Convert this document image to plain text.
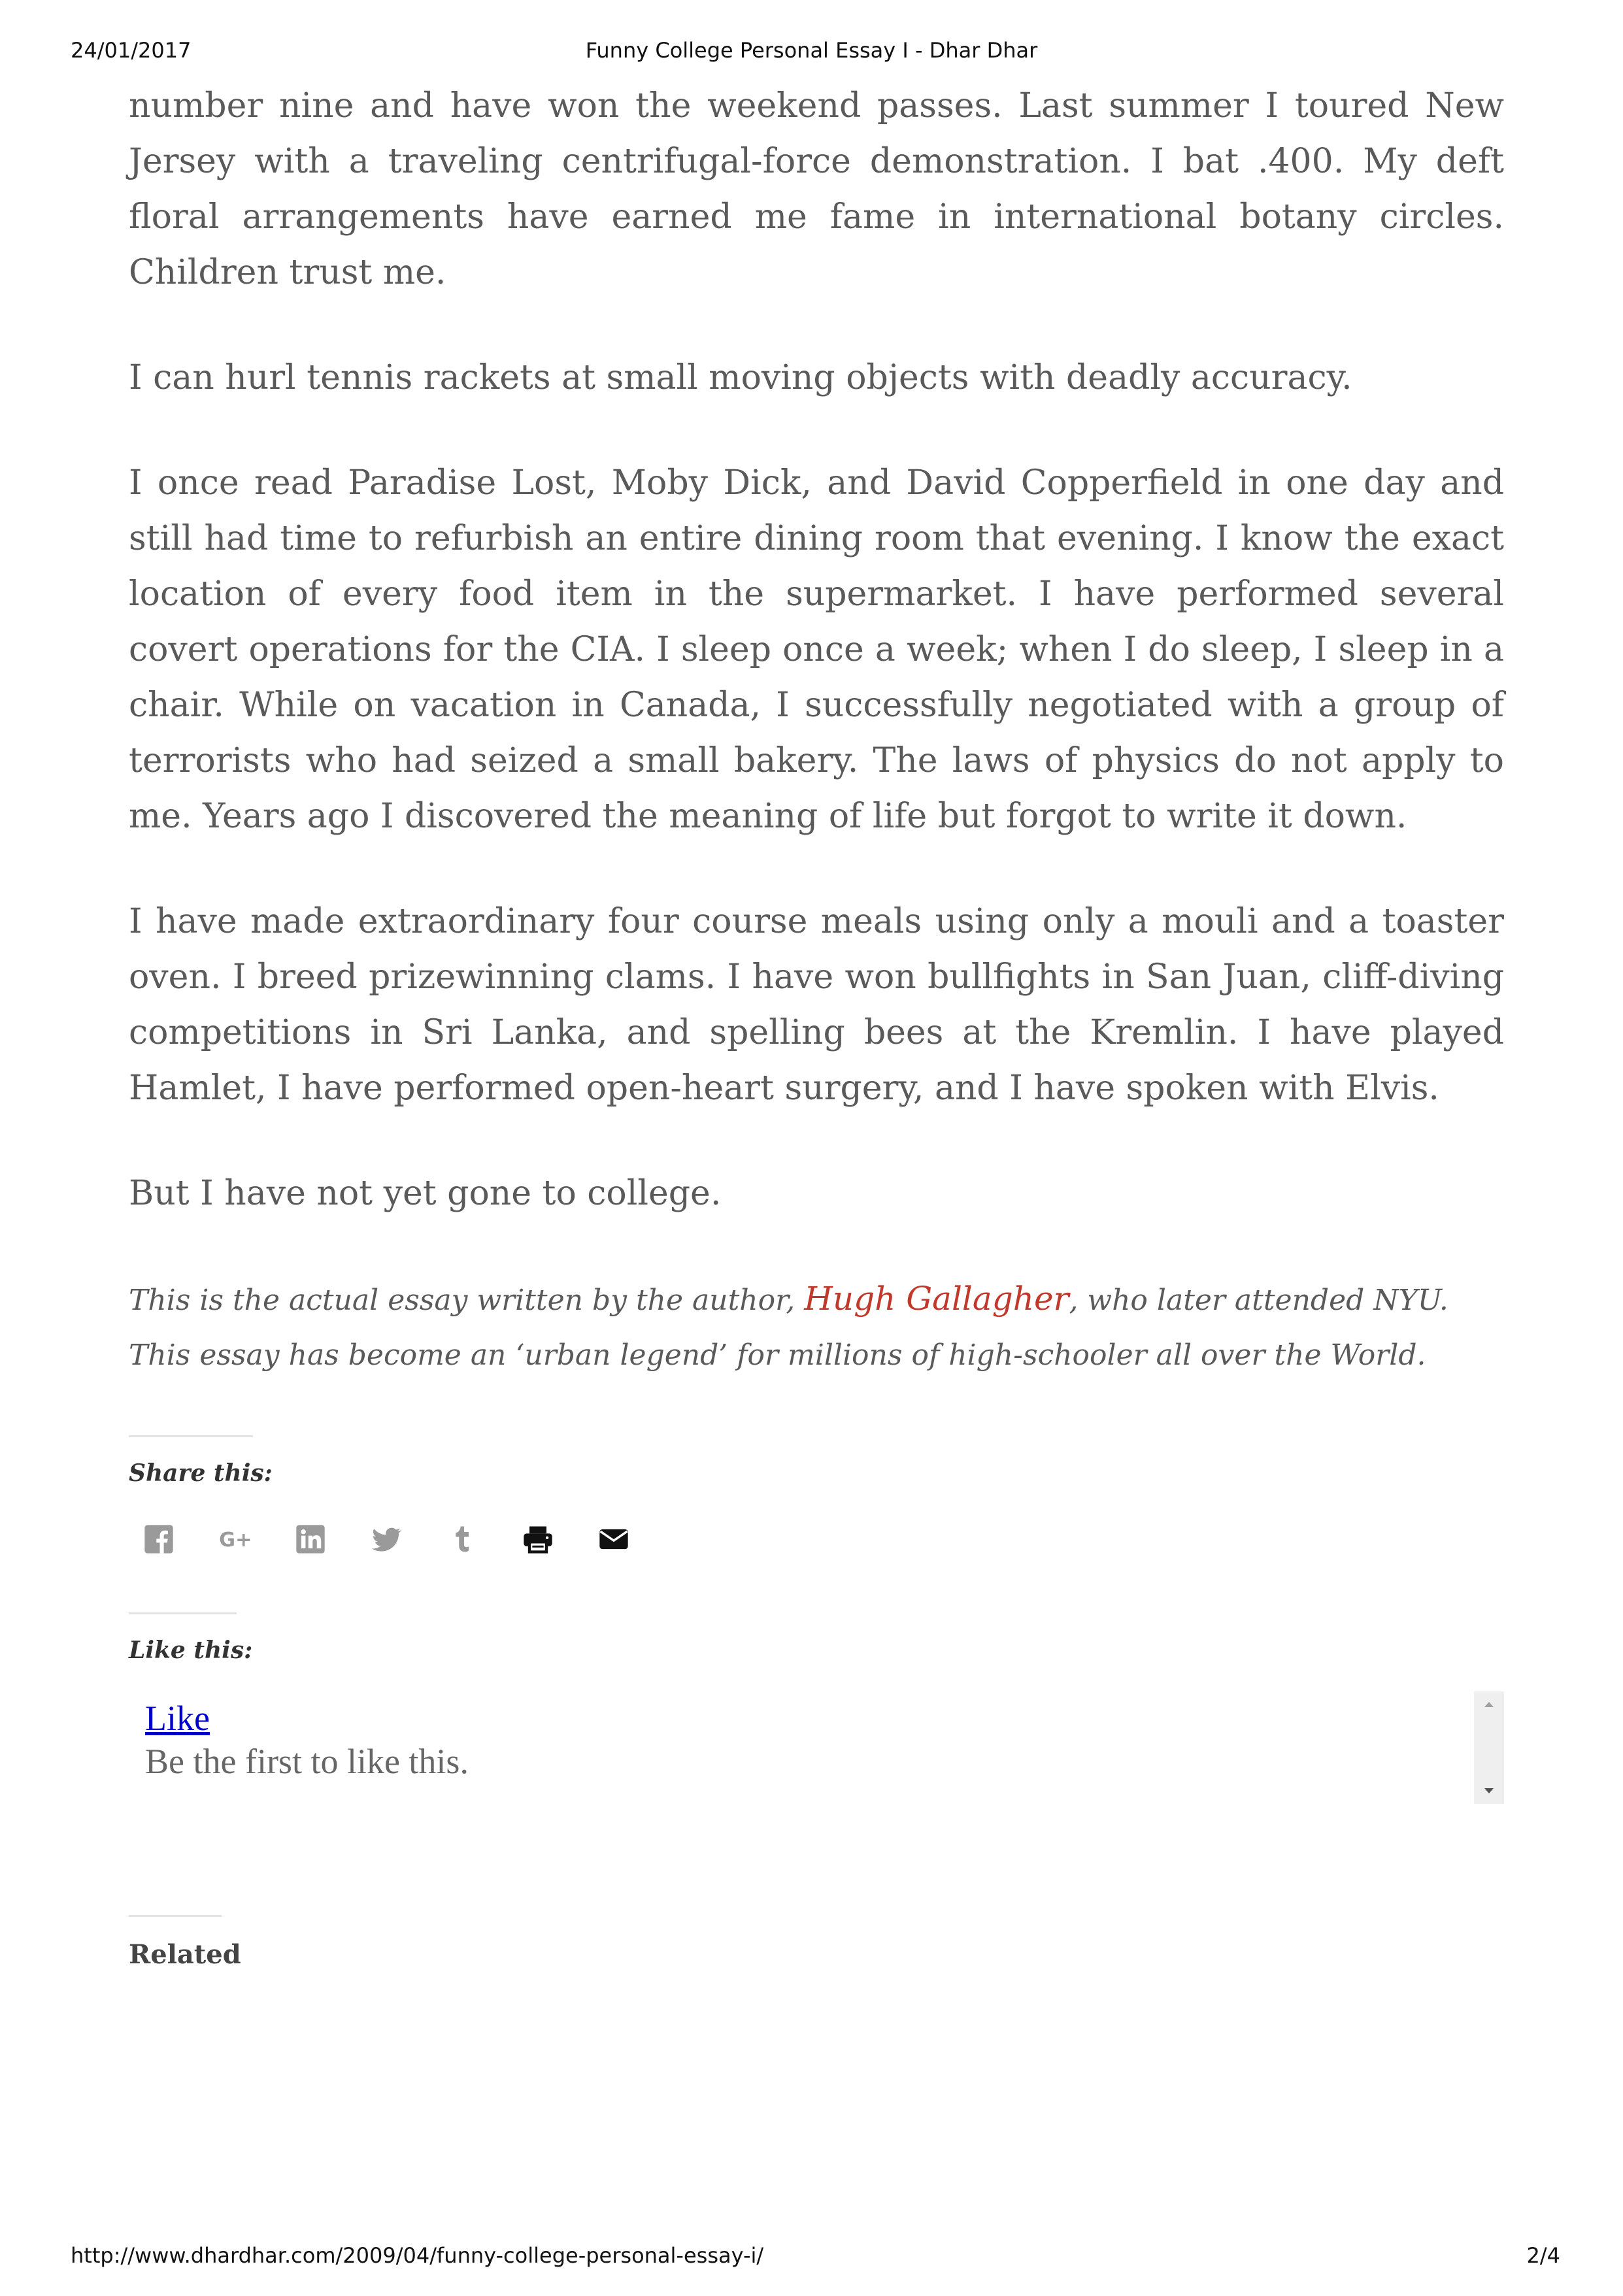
24/01/2017	Funny College Personal Essay I - Dhar Dhar

number nine and have won the weekend passes. Last summer I toured New Jersey with a traveling centrifugal-force demonstration. I bat .400. My deft floral arrangements have earned me fame in international botany circles. Children trust me.

I can hurl tennis rackets at small moving objects with deadly accuracy.

I once read Paradise Lost, Moby Dick, and David Copperfield in one day and still had time to refurbish an entire dining room that evening. I know the exact location of every food item in the supermarket. I have performed several covert operations for the CIA. I sleep once a week; when I do sleep, I sleep in a chair. While on vacation in Canada, I successfully negotiated with a group of terrorists who had seized a small bakery. The laws of physics do not apply to me. Years ago I discovered the meaning of life but forgot to write it down.

I have made extraordinary four course meals using only a mouli and a toaster oven. I breed prizewinning clams. I have won bullfights in San Juan, cliff-diving competitions in Sri Lanka, and spelling bees at the Kremlin. I have played Hamlet, I have performed open-heart surgery, and I have spoken with Elvis.

But I have not yet gone to college.

This is the actual essay written by the author, Hugh Gallagher, who later attended NYU. This essay has become an ‘urban legend’ for millions of high-schooler all over the World.

Share this:
G+
Like this:
Like
Be the first to like this.
Related
http://www.dhardhar.com/2009/04/funny-college-personal-essay-i/	2/4
